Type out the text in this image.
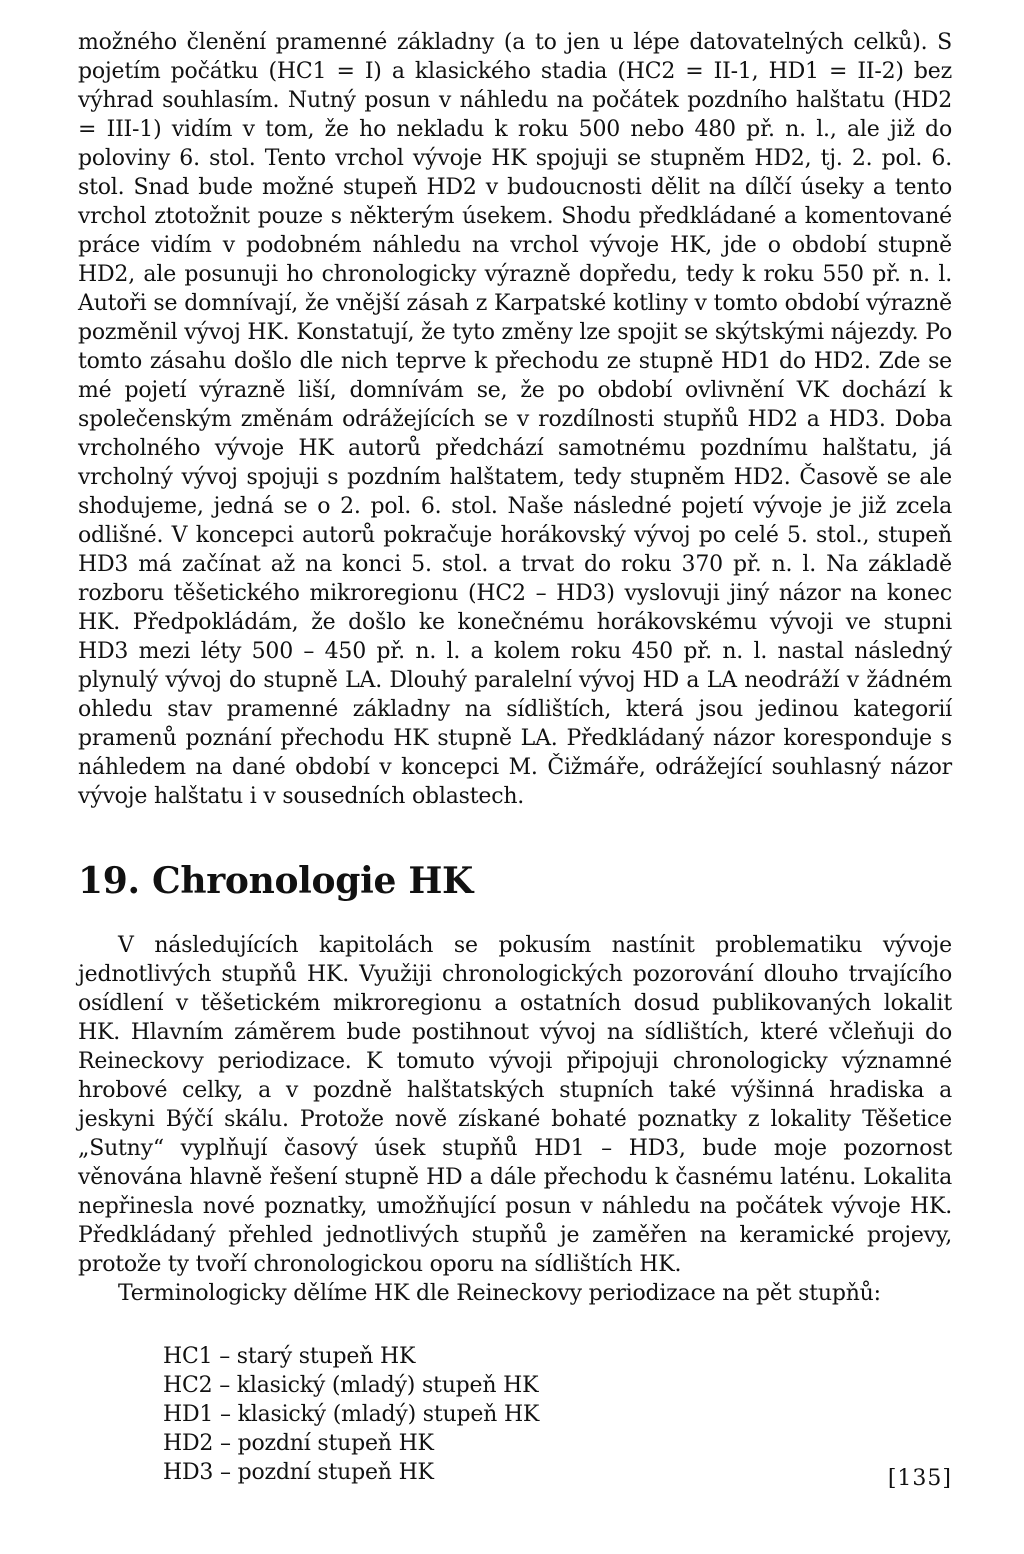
možného členění pramenné základny (a to jen u lépe datovatelných celků). S pojetím počátku (HC1 = I) a klasického stadia (HC2 = II-1, HD1 = II-2) bez výhrad souhlasím. Nutný posun v náhledu na počátek pozdního halštatu (HD2 = III-1) vidím v tom, že ho nekladu k roku 500 nebo 480 př. n. l., ale již do poloviny 6. stol. Tento vrchol vývoje HK spojuji se stupněm HD2, tj. 2. pol. 6. stol. Snad bude možné stupeň HD2 v budoucnosti dělit na dílčí úseky a tento vrchol ztotožnit pouze s některým úsekem. Shodu předkládané a komentované práce vidím v podobném náhledu na vrchol vývoje HK, jde o období stupně HD2, ale posunuji ho chronologicky výrazně dopředu, tedy k roku 550 př. n. l. Autoři se domnívají, že vnější zásah z Karpatské kotliny v tomto období výrazně pozměnil vývoj HK. Konstatují, že tyto změny lze spojit se skýtskými nájezdy. Po tomto zásahu došlo dle nich teprve k přechodu ze stupně HD1 do HD2. Zde se mé pojetí výrazně liší, domnívám se, že po období ovlivnění VK dochází k společenským změnám odrážejících se v rozdílnosti stupňů HD2 a HD3. Doba vrcholného vývoje HK autorů předchází samotnému pozdnímu halštatu, já vrcholný vývoj spojuji s pozdním halštatem, tedy stupněm HD2. Časově se ale shodujeme, jedná se o 2. pol. 6. stol. Naše následné pojetí vývoje je již zcela odlišné. V koncepci autorů pokračuje horákovský vývoj po celé 5. stol., stupeň HD3 má začínat až na konci 5. stol. a trvat do roku 370 př. n. l. Na základě rozboru těšetického mikroregionu (HC2 – HD3) vyslovuji jiný názor na konec HK. Předpokládám, že došlo ke konečnému horákovskému vývoji ve stupni HD3 mezi léty 500 – 450 př. n. l. a kolem roku 450 př. n. l. nastal následný plynulý vývoj do stupně LA. Dlouhý paralelní vývoj HD a LA neodráží v žádném ohledu stav pramenné základny na sídlištích, která jsou jedinou kategorií pramenů poznání přechodu HK stupně LA. Předkládaný názor koresponduje s náhledem na dané období v koncepci M. Čižmáře, odrážející souhlasný názor vývoje halštatu i v sousedních oblastech.

19. Chronologie HK

V následujících kapitolách se pokusím nastínit problematiku vývoje jednotlivých stupňů HK. Využiji chronologických pozorování dlouho trvajícího osídlení v těšetickém mikroregionu a ostatních dosud publikovaných lokalit HK. Hlavním záměrem bude postihnout vývoj na sídlištích, které včleňuji do Reineckovy periodizace. K tomuto vývoji připojuji chronologicky významné hrobové celky, a v pozdně halštatských stupních také výšinná hradiska a jeskyni Býčí skálu. Protože nově získané bohaté poznatky z lokality Těšetice „Sutny“ vyplňují časový úsek stupňů HD1 – HD3, bude moje pozornost věnována hlavně řešení stupně HD a dále přechodu k časnému laténu. Lokalita nepřinesla nové poznatky, umožňující posun v náhledu na počátek vývoje HK. Předkládaný přehled jednotlivých stupňů je zaměřen na keramické projevy, protože ty tvoří chronologickou oporu na sídlištích HK.

Terminologicky dělíme HK dle Reineckovy periodizace na pět stupňů:

HC1 – starý stupeň HK
HC2 – klasický (mladý) stupeň HK
HD1 – klasický (mladý) stupeň HK
HD2 – pozdní stupeň HK
HD3 – pozdní stupeň HK	[135]
